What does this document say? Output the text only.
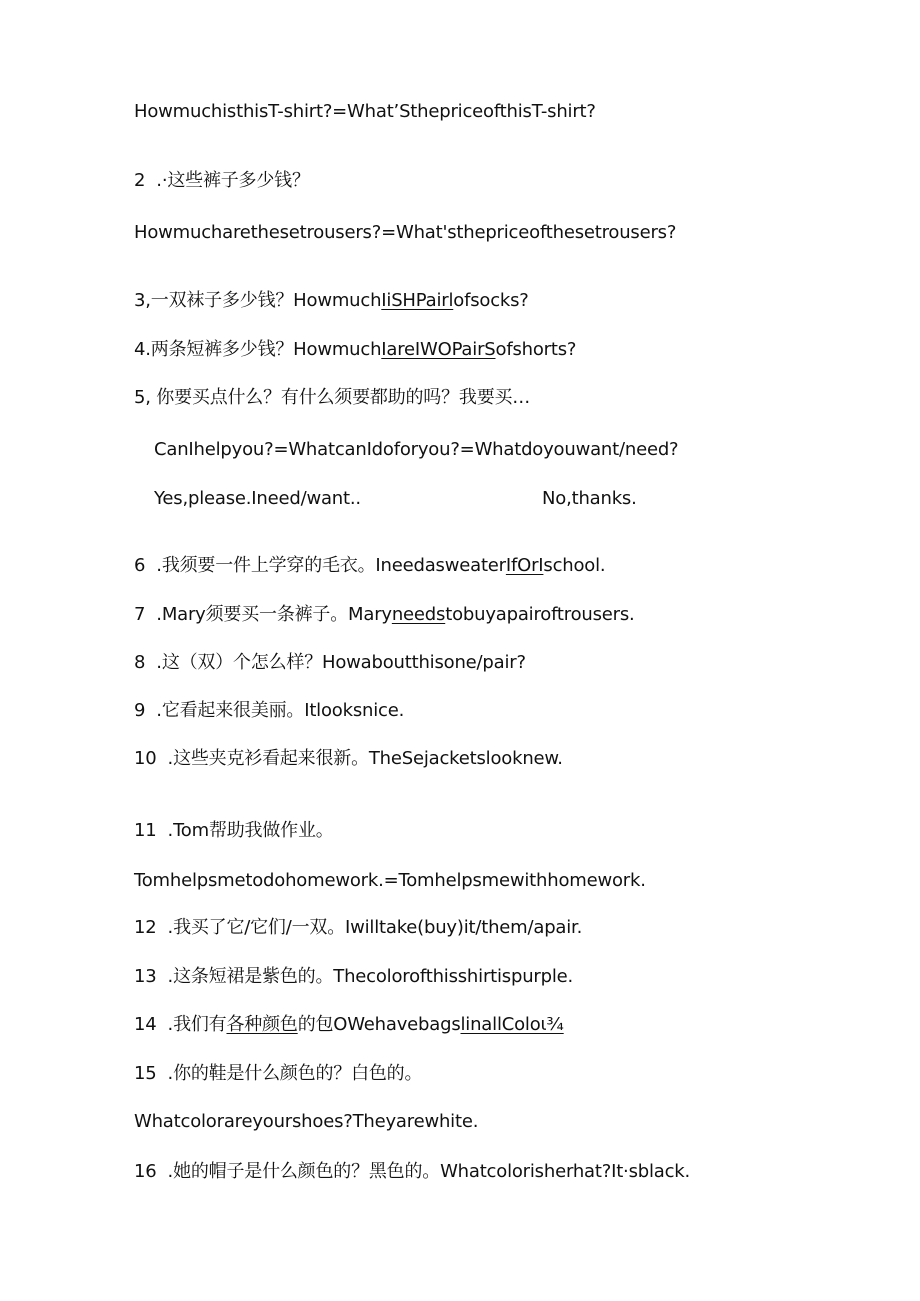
HowmuchisthisT-shirt?=What’SthepriceofthisT-shirt?
2  .·这些裤子多少钱？
Howmucharethesetrousers?=What'sthepriceofthesetrousers?
3,一双袜子多少钱？HowmuchIiSHPairlofsocks?
4.两条短裤多少钱？HowmuchIareIWOPairSofshorts?
5, 你要买点什么？有什么须要都助的吗？我要买…
CanIhelpyou?=WhatcanIdoforyou?=Whatdoyouwant/need?
Yes,please.Ineed/want..	No,thanks.
6  .我须要一件上学穿的毛衣。IneedasweaterIfOrIschool.
7  .Mary须要买一条裤子。Maryneedstobuyapairoftrousers.
8  .这（双）个怎么样？Howaboutthisone/pair?
9  .它看起来很美丽。Itlooksnice.
10  .这些夹克衫看起来很新。TheSejacketslooknew.
11  .Tom帮助我做作业。
Tomhelpsmetodohomework.=Tomhelpsmewithhomework.
12  .我买了它/它们/一双。Iwilltake(buy)it/them/apair.
13  .这条短裙是紫色的。Thecolorofthisshirtispurple.
14  .我们有各种颜色的包OWehavebagslinallColoι¾
15  .你的鞋是什么颜色的？白色的。
Whatcolorareyourshoes?Theyarewhite.
16  .她的帽子是什么颜色的？黑色的。Whatcolorisherhat?It·sblack.
